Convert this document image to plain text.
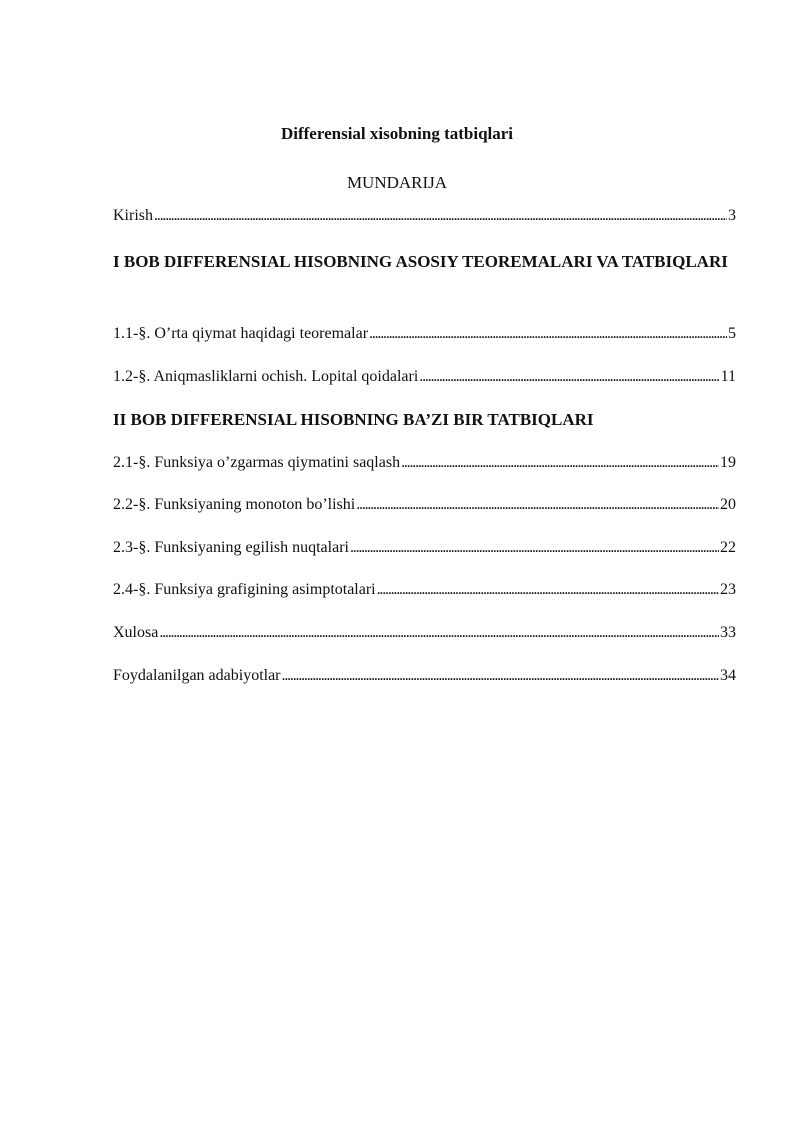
Differensial xisobning tatbiqlari
MUNDARIJA
Kirish . . .	3
I BOB DIFFERENSIAL HISOBNING ASOSIY TEOREMALARI VA TATBIQLARI
1.1-§. O’rta qiymat haqidagi teoremalar . . .	5
1.2-§. Aniqmasliklarni ochish. Lopital qoidalari . . .	11
II BOB DIFFERENSIAL HISOBNING BA’ZI BIR TATBIQLARI
2.1-§. Funksiya o’zgarmas qiymatini saqlash . . .	19
2.2-§. Funksiyaning monoton bo’lishi . . .	20
2.3-§. Funksiyaning egilish nuqtalari . . .	22
2.4-§. Funksiya grafigining asimptotalari . . .	23
Xulosa . . .	33
Foydalanilgan adabiyotlar . . .	34
